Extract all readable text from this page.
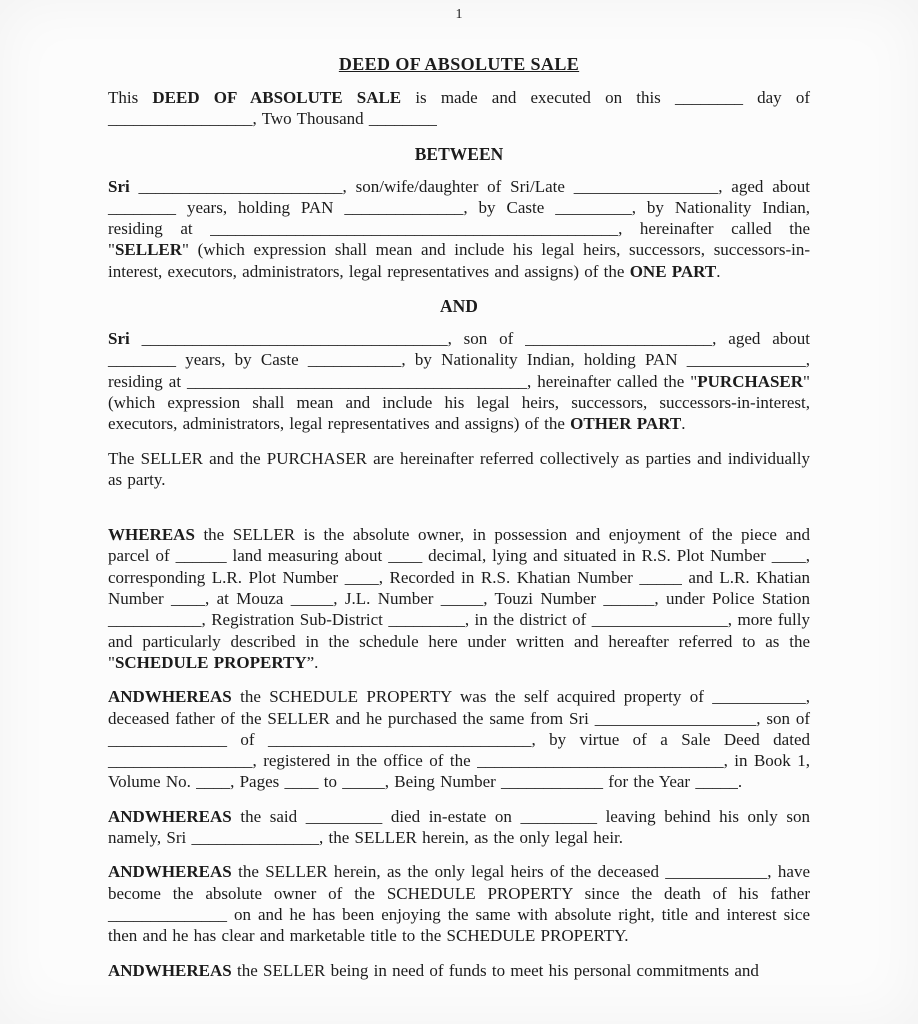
1
DEED OF ABSOLUTE SALE

This DEED OF ABSOLUTE SALE is made and executed on this ________ day of _________________, Two Thousand ________

BETWEEN

Sri ________________________, son/wife/daughter of Sri/Late _________________, aged about ________ years, holding PAN ______________, by Caste _________, by Nationality Indian, residing at ________________________________________________, hereinafter called the "SELLER" (which expression shall mean and include his legal heirs, successors, successors-in-interest, executors, administrators, legal representatives and assigns) of the ONE PART.

AND

Sri ____________________________________, son of ______________________, aged about ________ years, by Caste ___________, by Nationality Indian, holding PAN ______________, residing at ________________________________________, hereinafter called the "PURCHASER" (which expression shall mean and include his legal heirs, successors, successors-in-interest, executors, administrators, legal representatives and assigns) of the OTHER PART.

The SELLER and the PURCHASER are hereinafter referred collectively as parties and individually as party.

WHEREAS the SELLER is the absolute owner, in possession and enjoyment of the piece and parcel of ______ land measuring about ____ decimal, lying and situated in R.S. Plot Number ____, corresponding L.R. Plot Number ____, Recorded in R.S. Khatian Number _____ and L.R. Khatian Number ____, at Mouza _____, J.L. Number _____, Touzi Number ______, under Police Station ___________, Registration Sub-District _________, in the district of ________________, more fully and particularly described in the schedule here under written and hereafter referred to as the "SCHEDULE PROPERTY”.

ANDWHEREAS the SCHEDULE PROPERTY was the self acquired property of ___________, deceased father of the SELLER and he purchased the same from Sri ___________________, son of ______________ of _______________________________, by virtue of a Sale Deed dated _________________, registered in the office of the _____________________________, in Book 1, Volume No. ____, Pages ____ to _____, Being Number ____________ for the Year _____.

ANDWHEREAS the said _________ died in-estate on _________ leaving behind his only son namely, Sri _______________, the SELLER herein, as the only legal heir.

ANDWHEREAS the SELLER herein, as the only legal heirs of the deceased ____________, have become the absolute owner of the SCHEDULE PROPERTY since the death of his father ______________ on and he has been enjoying the same with absolute right, title and interest sice then and he has clear and marketable title to the SCHEDULE PROPERTY.

ANDWHEREAS the SELLER being in need of funds to meet his personal commitments and
